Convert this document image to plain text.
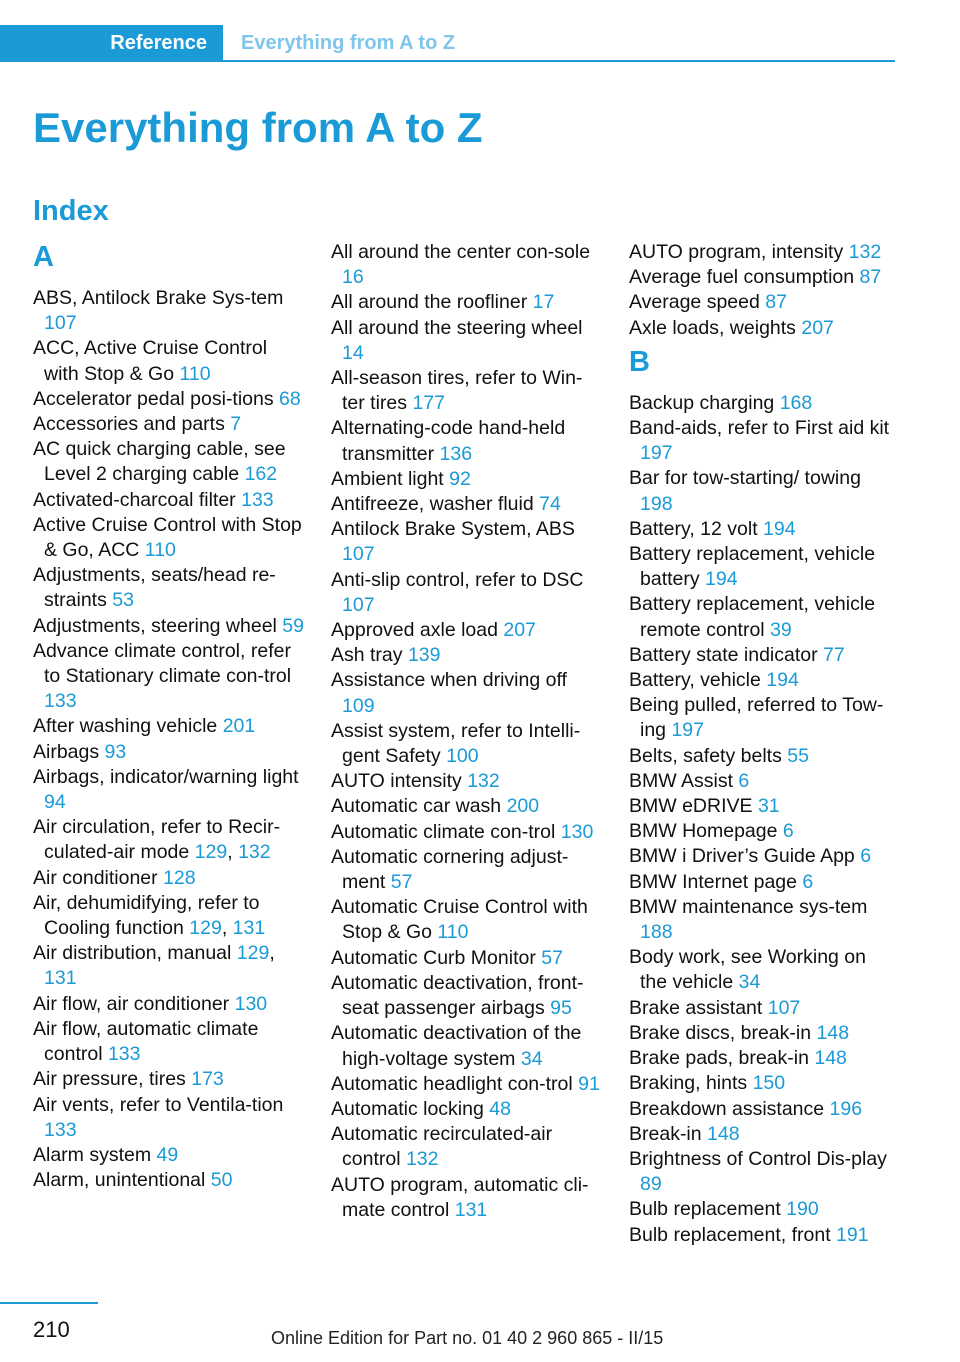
Reference	Everything from A to Z
Everything from A to Z
Index
A
ABS, Antilock Brake Sys‐tem 107
ACC, Active Cruise Control with Stop & Go 110
Accelerator pedal posi‐tions 68
Accessories and parts 7
AC quick charging cable, see Level 2 charging cable 162
Activated-charcoal filter 133
Active Cruise Control with Stop & Go, ACC 110
Adjustments, seats/head re‐straints 53
Adjustments, steering wheel 59
Advance climate control, refer to Stationary climate con‐trol 133
After washing vehicle 201
Airbags 93
Airbags, indicator/warning light 94
Air circulation, refer to Recir‐culated-air mode 129, 132
Air conditioner 128
Air, dehumidifying, refer to Cooling function 129, 131
Air distribution, manual 129, 131
Air flow, air conditioner 130
Air flow, automatic climate control 133
Air pressure, tires 173
Air vents, refer to Ventila‐tion 133
Alarm system 49
Alarm, unintentional 50
All around the center con‐sole 16
All around the roofliner 17
All around the steering wheel 14
All-season tires, refer to Win‐ter tires 177
Alternating-code hand-held transmitter 136
Ambient light 92
Antifreeze, washer fluid 74
Antilock Brake System, ABS 107
Anti-slip control, refer to DSC 107
Approved axle load 207
Ash tray 139
Assistance when driving off 109
Assist system, refer to Intelli‐gent Safety 100
AUTO intensity 132
Automatic car wash 200
Automatic climate con‐trol 130
Automatic cornering adjust‐ment 57
Automatic Cruise Control with Stop & Go 110
Automatic Curb Monitor 57
Automatic deactivation, front-seat passenger airbags 95
Automatic deactivation of the high-voltage system 34
Automatic headlight con‐trol 91
Automatic locking 48
Automatic recirculated-air control 132
AUTO program, automatic cli‐mate control 131
AUTO program, intensity 132
Average fuel consumption 87
Average speed 87
Axle loads, weights 207
B
Backup charging 168
Band-aids, refer to First aid kit 197
Bar for tow-starting/ towing 198
Battery, 12 volt 194
Battery replacement, vehicle battery 194
Battery replacement, vehicle remote control 39
Battery state indicator 77
Battery, vehicle 194
Being pulled, referred to Tow‐ing 197
Belts, safety belts 55
BMW Assist 6
BMW eDRIVE 31
BMW Homepage 6
BMW i Driver’s Guide App 6
BMW Internet page 6
BMW maintenance sys‐tem 188
Body work, see Working on the vehicle 34
Brake assistant 107
Brake discs, break-in 148
Brake pads, break-in 148
Braking, hints 150
Breakdown assistance 196
Break-in 148
Brightness of Control Dis‐play 89
Bulb replacement 190
Bulb replacement, front 191
210	Online Edition for Part no. 01 40 2 960 865 - II/15
